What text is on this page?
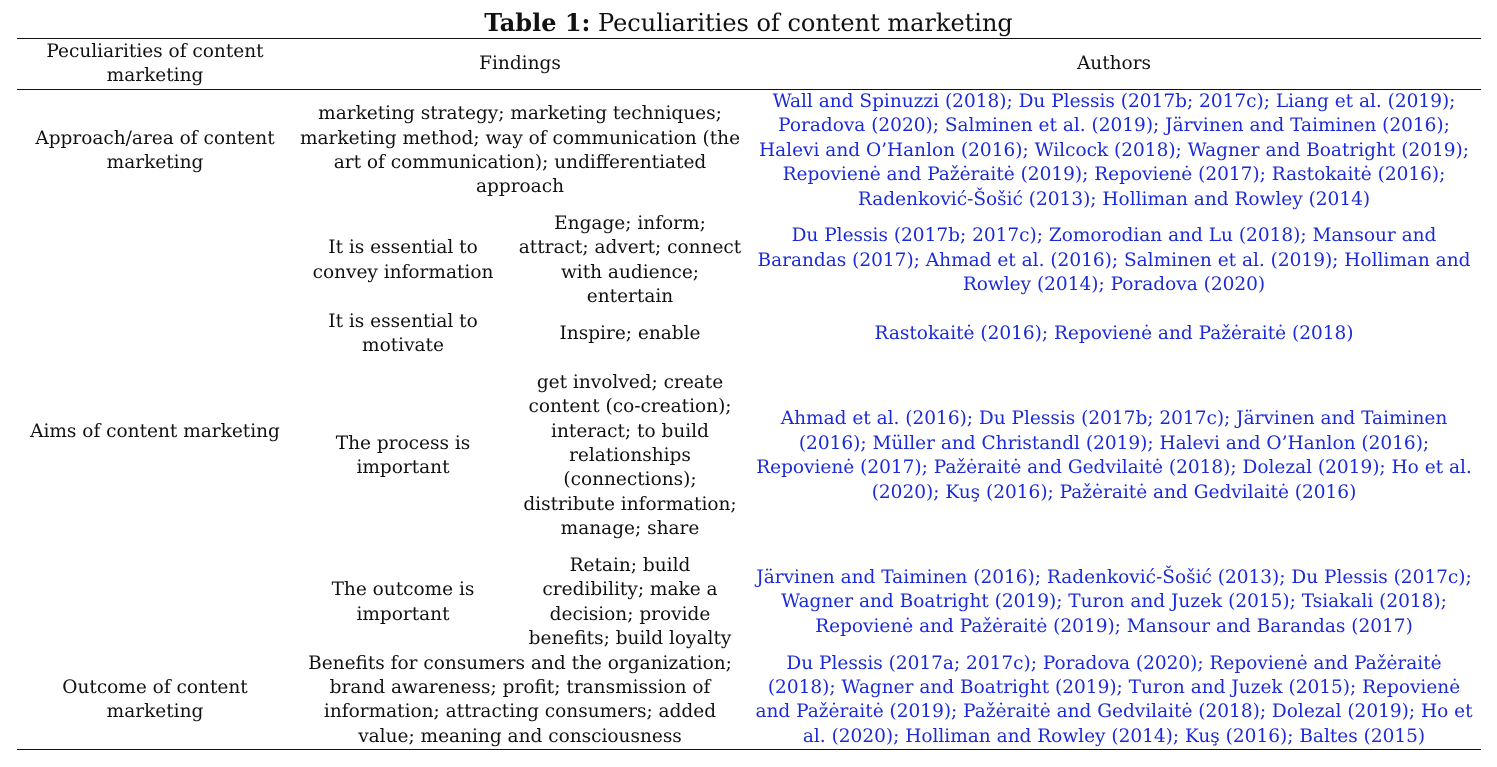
Table 1: Peculiarities of content marketing
Peculiarities of content marketing	Findings		Authors
Approach/area of content marketing	marketing strategy; marketing techniques; marketing method; way of communication (the art of communication); undifferentiated approach		Wall and Spinuzzi (2018); Du Plessis (2017b; 2017c); Liang et al. (2019); Poradova (2020); Salminen et al. (2019); Järvinen and Taiminen (2016); Halevi and O’Hanlon (2016); Wilcock (2018); Wagner and Boatright (2019); Repovienė and Pažėraitė (2019); Repovienė (2017); Rastokaitė (2016); Radenković-Šošić (2013); Holliman and Rowley (2014)
Aims of content marketing	It is essential to convey information	Engage; inform; attract; advert; connect with audience; entertain	Du Plessis (2017b; 2017c); Zomorodian and Lu (2018); Mansour and Barandas (2017); Ahmad et al. (2016); Salminen et al. (2019); Holliman and Rowley (2014); Poradova (2020)
	It is essential to motivate	Inspire; enable	Rastokaitė (2016); Repovienė and Pažėraitė (2018)
	The process is important	get involved; create content (co-creation); interact; to build relationships (connections); distribute information; manage; share	Ahmad et al. (2016); Du Plessis (2017b; 2017c); Järvinen and Taiminen (2016); Müller and Christandl (2019); Halevi and O’Hanlon (2016); Repovienė (2017); Pažėraitė and Gedvilaitė (2018); Dolezal (2019); Ho et al. (2020); Kuş (2016); Pažėraitė and Gedvilaitė (2016)
	The outcome is important	Retain; build credibility; make a decision; provide benefits; build loyalty	Järvinen and Taiminen (2016); Radenković-Šošić (2013); Du Plessis (2017c); Wagner and Boatright (2019); Turon and Juzek (2015); Tsiakali (2018); Repovienė and Pažėraitė (2019); Mansour and Barandas (2017)
Outcome of content marketing	Benefits for consumers and the organization; brand awareness; profit; transmission of information; attracting consumers; added value; meaning and consciousness		Du Plessis (2017a; 2017c); Poradova (2020); Repovienė and Pažėraitė (2018); Wagner and Boatright (2019); Turon and Juzek (2015); Repovienė and Pažėraitė (2019); Pažėraitė and Gedvilaitė (2018); Dolezal (2019); Ho et al. (2020); Holliman and Rowley (2014); Kuş (2016); Baltes (2015)
